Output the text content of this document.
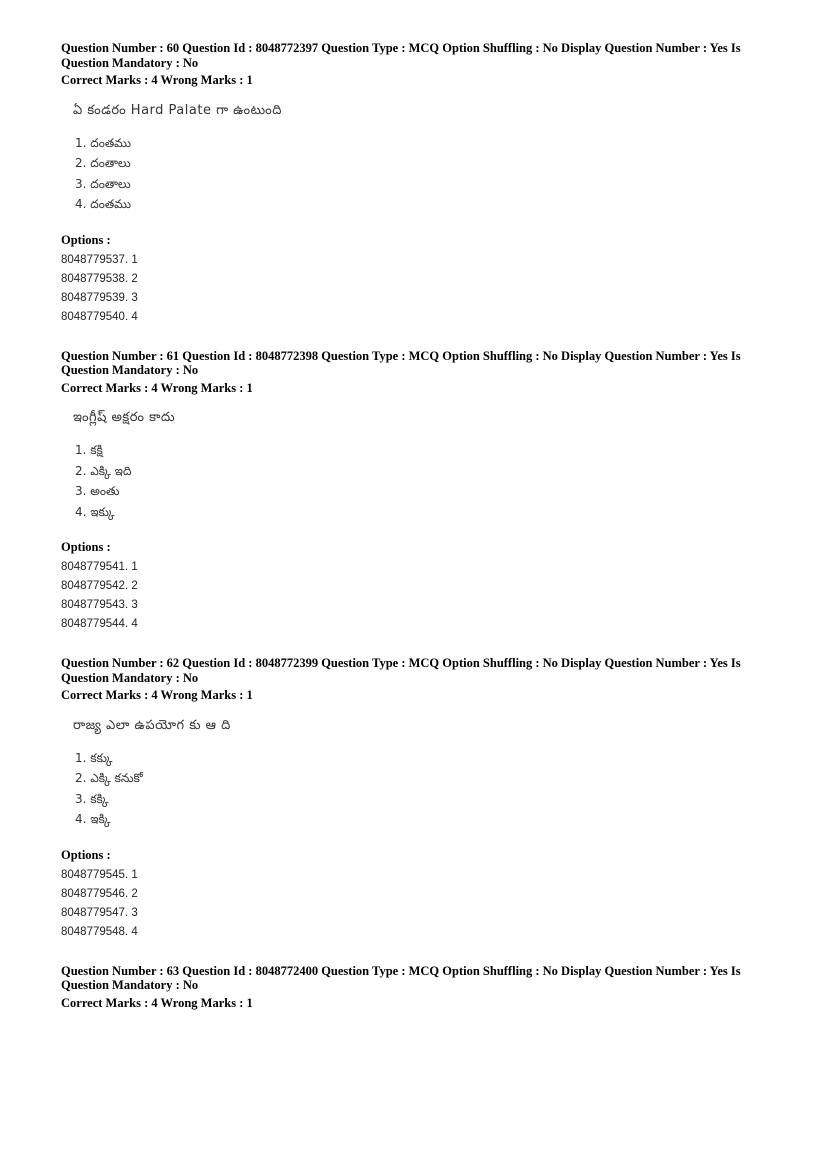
Question Number : 60 Question Id : 8048772397 Question Type : MCQ Option Shuffling : No Display Question Number : Yes Is
Question Mandatory : No
Correct Marks : 4 Wrong Marks : 1
ఏ కండరం Hard Palate గా ఉంటుంది
1. దంతము
2. దంతాలు
3. దంతాలు
4. దంతము
Options :
8048779537. 1
8048779538. 2
8048779539. 3
8048779540. 4
Question Number : 61 Question Id : 8048772398 Question Type : MCQ Option Shuffling : No Display Question Number : Yes Is
Question Mandatory : No
Correct Marks : 4 Wrong Marks : 1
ఇంగ్లీష్ అక్షరం కాదు
1. కక్షి
2. ఎక్కి ఇది
3. అంతు
4. ఇక్కు
Options :
8048779541. 1
8048779542. 2
8048779543. 3
8048779544. 4
Question Number : 62 Question Id : 8048772399 Question Type : MCQ Option Shuffling : No Display Question Number : Yes Is
Question Mandatory : No
Correct Marks : 4 Wrong Marks : 1
రాజ్య ఎలా ఉపయోగ కు ఆ ది
1. కక్కు
2. ఎక్కి కనుకో
3. కక్కి
4. ఇక్కి
Options :
8048779545. 1
8048779546. 2
8048779547. 3
8048779548. 4
Question Number : 63 Question Id : 8048772400 Question Type : MCQ Option Shuffling : No Display Question Number : Yes Is
Question Mandatory : No
Correct Marks : 4 Wrong Marks : 1
